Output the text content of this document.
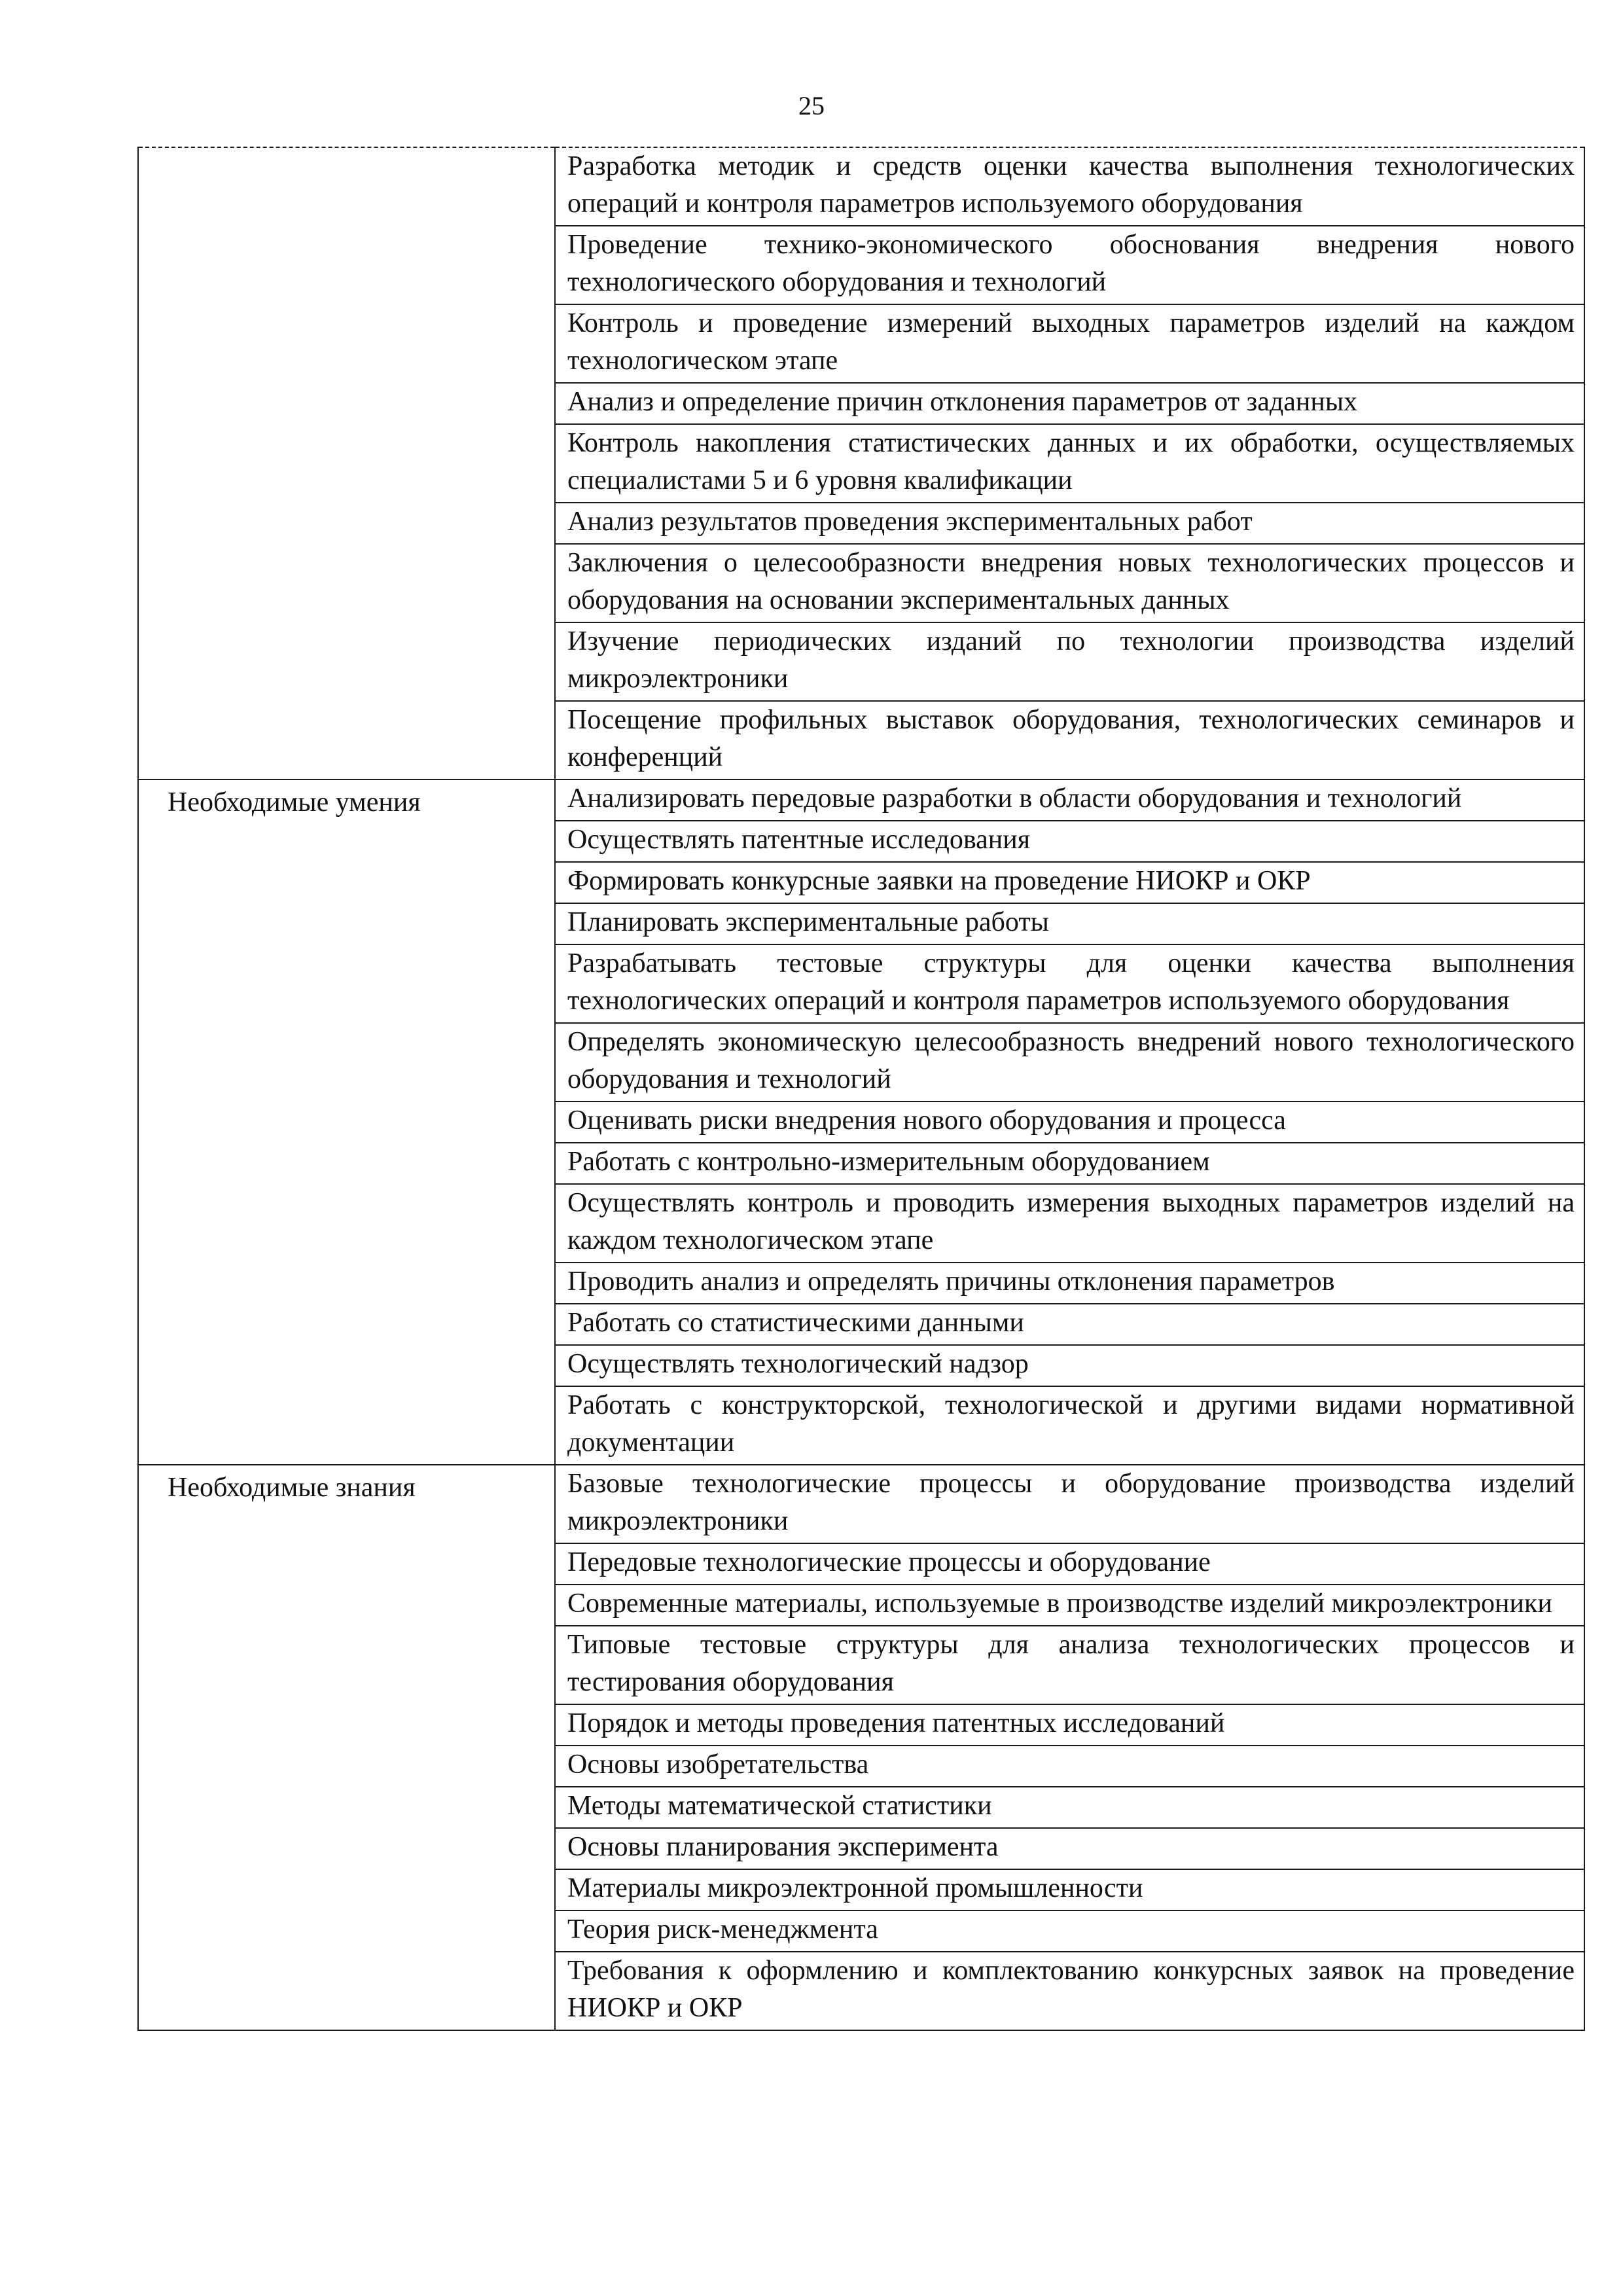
25
	Разработка методик и средств оценки качества выполнения технологических операций и контроля параметров используемого оборудования
	Проведение технико-экономического обоснования внедрения нового технологического оборудования и технологий
	Контроль и проведение измерений выходных параметров изделий на каждом технологическом этапе
	Анализ и определение причин отклонения параметров от заданных
	Контроль накопления статистических данных и их обработки, осуществляемых специалистами 5 и 6 уровня квалификации
	Анализ результатов проведения экспериментальных работ
	Заключения о целесообразности внедрения новых технологических процессов и оборудования на основании экспериментальных данных
	Изучение периодических изданий по технологии производства изделий микроэлектроники
	Посещение профильных выставок оборудования, технологических семинаров и конференций
Необходимые умения	Анализировать передовые разработки в области оборудования и технологий
	Осуществлять патентные исследования
	Формировать конкурсные заявки на проведение НИОКР и ОКР
	Планировать экспериментальные работы
	Разрабатывать тестовые структуры для оценки качества выполнения технологических операций и контроля параметров используемого оборудования
	Определять экономическую целесообразность внедрений нового технологического оборудования и технологий
	Оценивать риски внедрения нового оборудования и процесса
	Работать с контрольно-измерительным оборудованием
	Осуществлять контроль и проводить измерения выходных параметров изделий на каждом технологическом этапе
	Проводить анализ и определять причины отклонения параметров
	Работать со статистическими данными
	Осуществлять технологический надзор
	Работать с конструкторской, технологической и другими видами нормативной документации
Необходимые знания	Базовые технологические процессы и оборудование производства изделий микроэлектроники
	Передовые технологические процессы и оборудование
	Современные материалы, используемые в производстве изделий микроэлектроники
	Типовые тестовые структуры для анализа технологических процессов и тестирования оборудования
	Порядок и методы проведения патентных исследований
	Основы изобретательства
	Методы математической статистики
	Основы планирования эксперимента
	Материалы микроэлектронной промышленности
	Теория риск-менеджмента
	Требования к оформлению и комплектованию конкурсных заявок на проведение НИОКР и ОКР
